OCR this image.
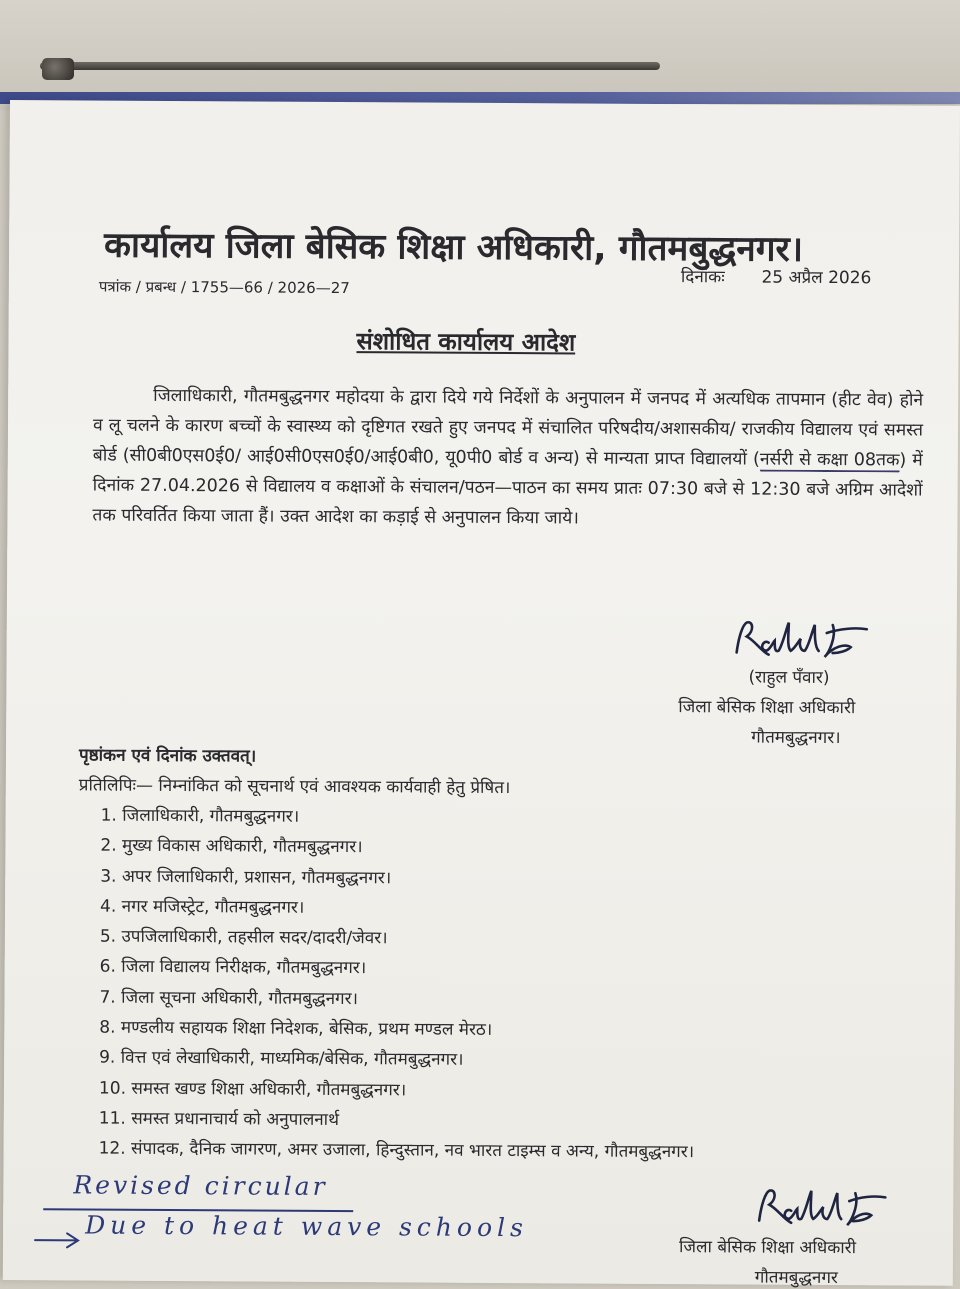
कार्यालय जिला बेसिक शिक्षा अधिकारी, गौतमबुद्धनगर।
पत्रांक / प्रबन्ध / 1755—66 / 2026—27	दिनांकः 25 अप्रैल 2026
संशोधित कार्यालय आदेश
जिलाधिकारी, गौतमबुद्धनगर महोदया के द्वारा दिये गये निर्देशों के अनुपालन में जनपद में अत्यधिक तापमान (हीट वेव) होने व लू चलने के कारण बच्चों के स्वास्थ्य को दृष्टिगत रखते हुए जनपद में संचालित परिषदीय/अशासकीय/ राजकीय विद्यालय एवं समस्त बोर्ड (सी0बी0एस0ई0/ आई0सी0एस0ई0/आई0बी0, यू0पी0 बोर्ड व अन्य) से मान्यता प्राप्त विद्यालयों (नर्सरी से कक्षा 08तक) में दिनांक 27.04.2026 से विद्यालय व कक्षाओं के संचालन/पठन—पाठन का समय प्रातः 07:30 बजे से 12:30 बजे अग्रिम आदेशों तक परिवर्तित किया जाता हैं। उक्त आदेश का कड़ाई से अनुपालन किया जाये।
(राहुल पँवार)
जिला बेसिक शिक्षा अधिकारी
गौतमबुद्धनगर।
पृष्ठांकन एवं दिनांक उक्तवत्।
प्रतिलिपिः— निम्नांकित को सूचनार्थ एवं आवश्यक कार्यवाही हेतु प्रेषित।
1. जिलाधिकारी, गौतमबुद्धनगर।
2. मुख्य विकास अधिकारी, गौतमबुद्धनगर।
3. अपर जिलाधिकारी, प्रशासन, गौतमबुद्धनगर।
4. नगर मजिस्ट्रेट, गौतमबुद्धनगर।
5. उपजिलाधिकारी, तहसील सदर/दादरी/जेवर।
6. जिला विद्यालय निरीक्षक, गौतमबुद्धनगर।
7. जिला सूचना अधिकारी, गौतमबुद्धनगर।
8. मण्डलीय सहायक शिक्षा निदेशक, बेसिक, प्रथम मण्डल मेरठ।
9. वित्त एवं लेखाधिकारी, माध्यमिक/बेसिक, गौतमबुद्धनगर।
10. समस्त खण्ड शिक्षा अधिकारी, गौतमबुद्धनगर।
11. समस्त प्रधानाचार्य को अनुपालनार्थ
12. संपादक, दैनिक जागरण, अमर उजाला, हिन्दुस्तान, नव भारत टाइम्स व अन्य, गौतमबुद्धनगर।
जिला बेसिक शिक्षा अधिकारी
गौतमबुद्धनगर
Revised circular
Due to heat wave schools
